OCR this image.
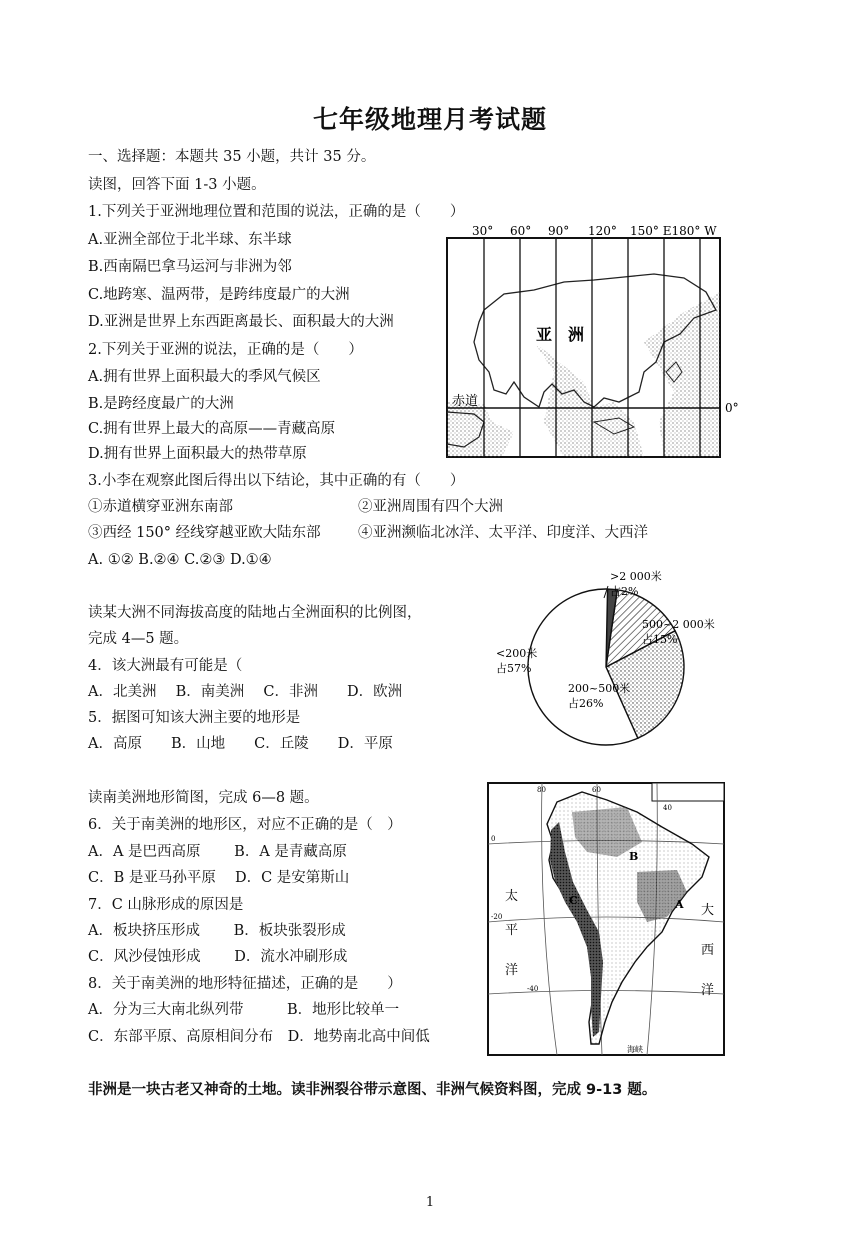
七年级地理月考试题
一、选择题：本题共 35 小题，共计 35 分。
读图，回答下面 1-3 小题。
1.下列关于亚洲地理位置和范围的说法，正确的是（　　）
A.亚洲全部位于北半球、东半球
B.西南隔巴拿马运河与非洲为邻
C.地跨寒、温两带，是跨纬度最广的大洲
D.亚洲是世界上东西距离最长、面积最大的大洲
2.下列关于亚洲的说法，正确的是（　　）
A.拥有世界上面积最大的季风气候区
B.是跨经度最广的大洲
C.拥有世界上最大的高原——青藏高原
D.拥有世界上面积最大的热带草原
3.小李在观察此图后得出以下结论，其中正确的有（　　）
①赤道横穿亚洲东南部	②亚洲周围有四个大洲
③西经 150° 经线穿越亚欧大陆东部	④亚洲濒临北冰洋、太平洋、印度洋、大西洋
A. ①② B.②④ C.②③ D.①④
30° 60° 90° 120° 150° E180° W
亚　洲
赤道	0°
读某大洲不同海拔高度的陆地占全洲面积的比例图，
完成 4—5 题。
4．该大洲最有可能是（
A．北美洲　 B．南美洲　 C．非洲　　D．欧洲
5．据图可知该大洲主要的地形是
A．高原　　B．山地　　C．丘陵　　D．平原
<200米
占57%
200~500米
占26%
500~2 000米
占15%
>2 000米
占2%
读南美洲地形简图，完成 6—8 题。
6．关于南美洲的地形区，对应不正确的是（　）
A．A 是巴西高原　　 B．A 是青藏高原
C．B 是亚马孙平原　 D．C 是安第斯山
7．C 山脉形成的原因是
A．板块挤压形成　　 B．板块张裂形成
C．风沙侵蚀形成　　 D．流水冲刷形成
8．关于南美洲的地形特征描述，正确的是　　）
A．分为三大南北纵列带　　　B．地形比较单一
C．东部平原、高原相间分布　D．地势南北高中间低
B
C	A
太
平
洋
大
西
洋
0
-20
-40
80	60
40
海峡
非洲是一块古老又神奇的土地。读非洲裂谷带示意图、非洲气候资料图，完成 9-13 题。
1
